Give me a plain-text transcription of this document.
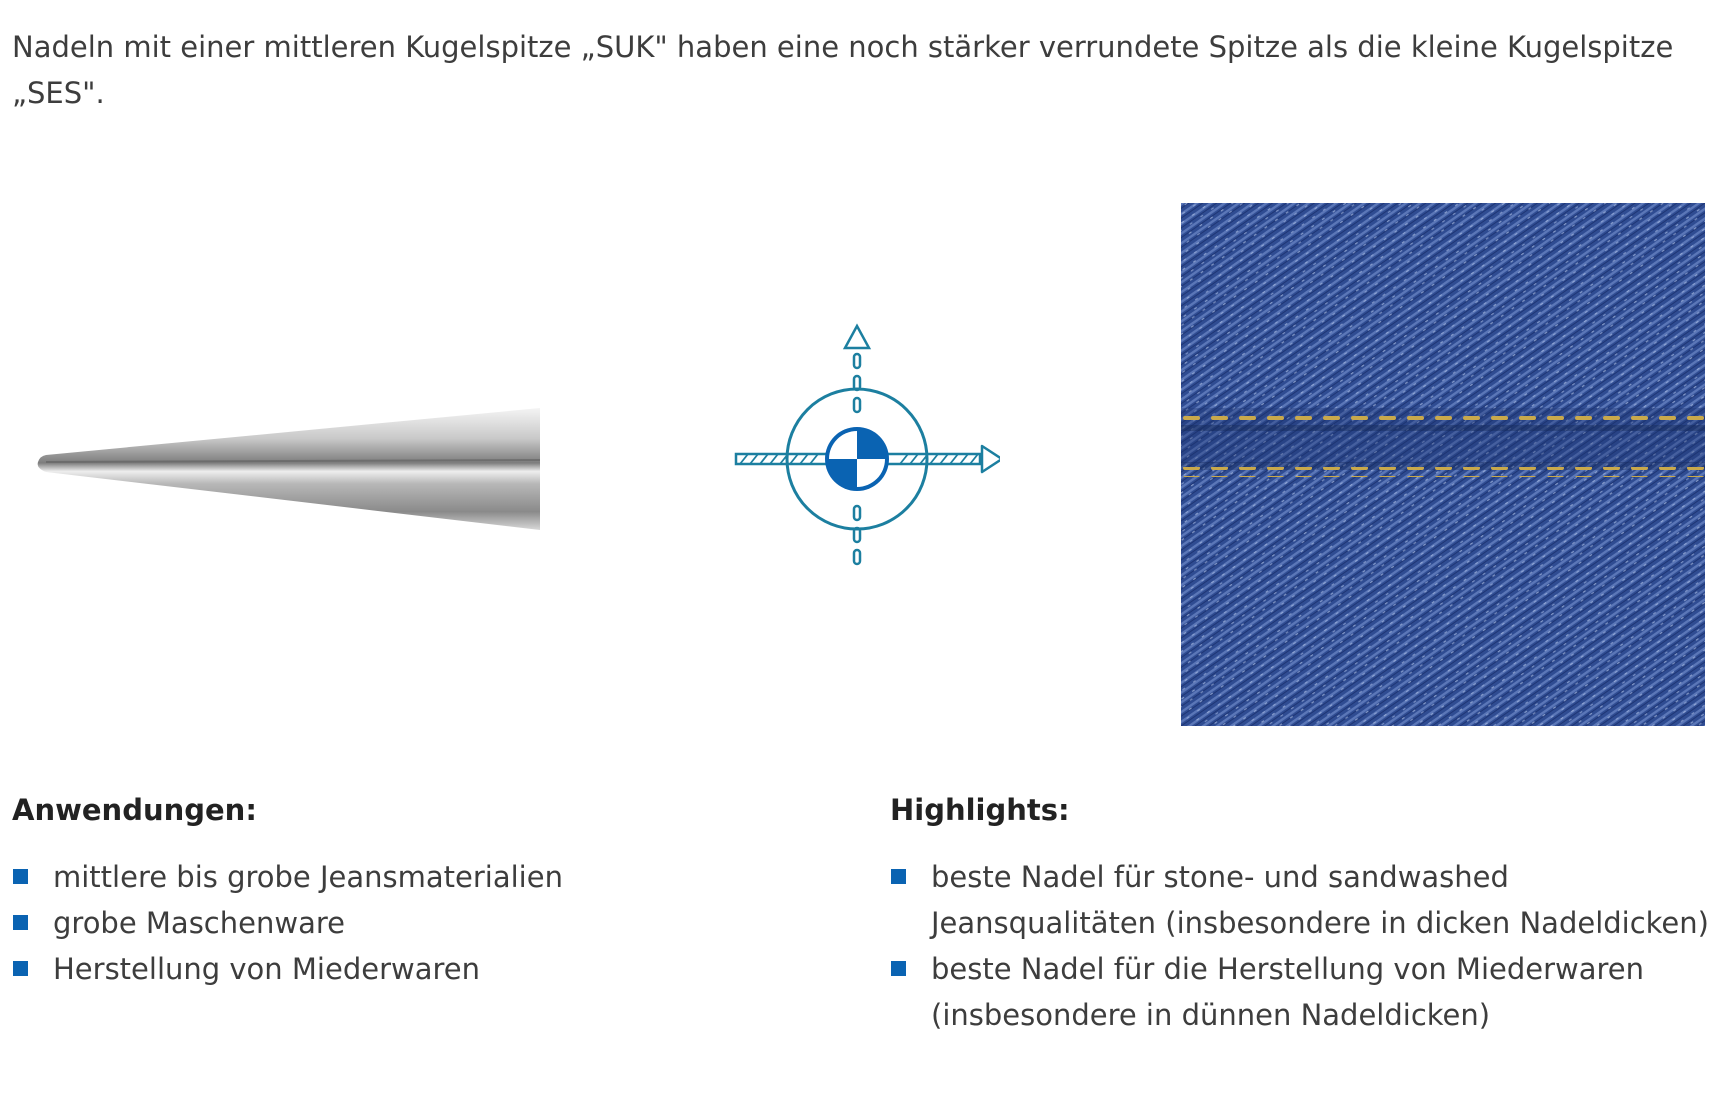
Nadeln mit einer mittleren Kugelspitze „SUK" haben eine noch stärker verrundete Spitze als die kleine Kugelspitze „SES".

Anwendungen:
mittlere bis grobe Jeansmaterialien
grobe Maschenware
Herstellung von Miederwaren
Highlights:
beste Nadel für stone- und sandwashed Jeansqualitäten (insbesondere in dicken Nadeldicken)
beste Nadel für die Herstellung von Miederwaren (insbesondere in dünnen Nadeldicken)
